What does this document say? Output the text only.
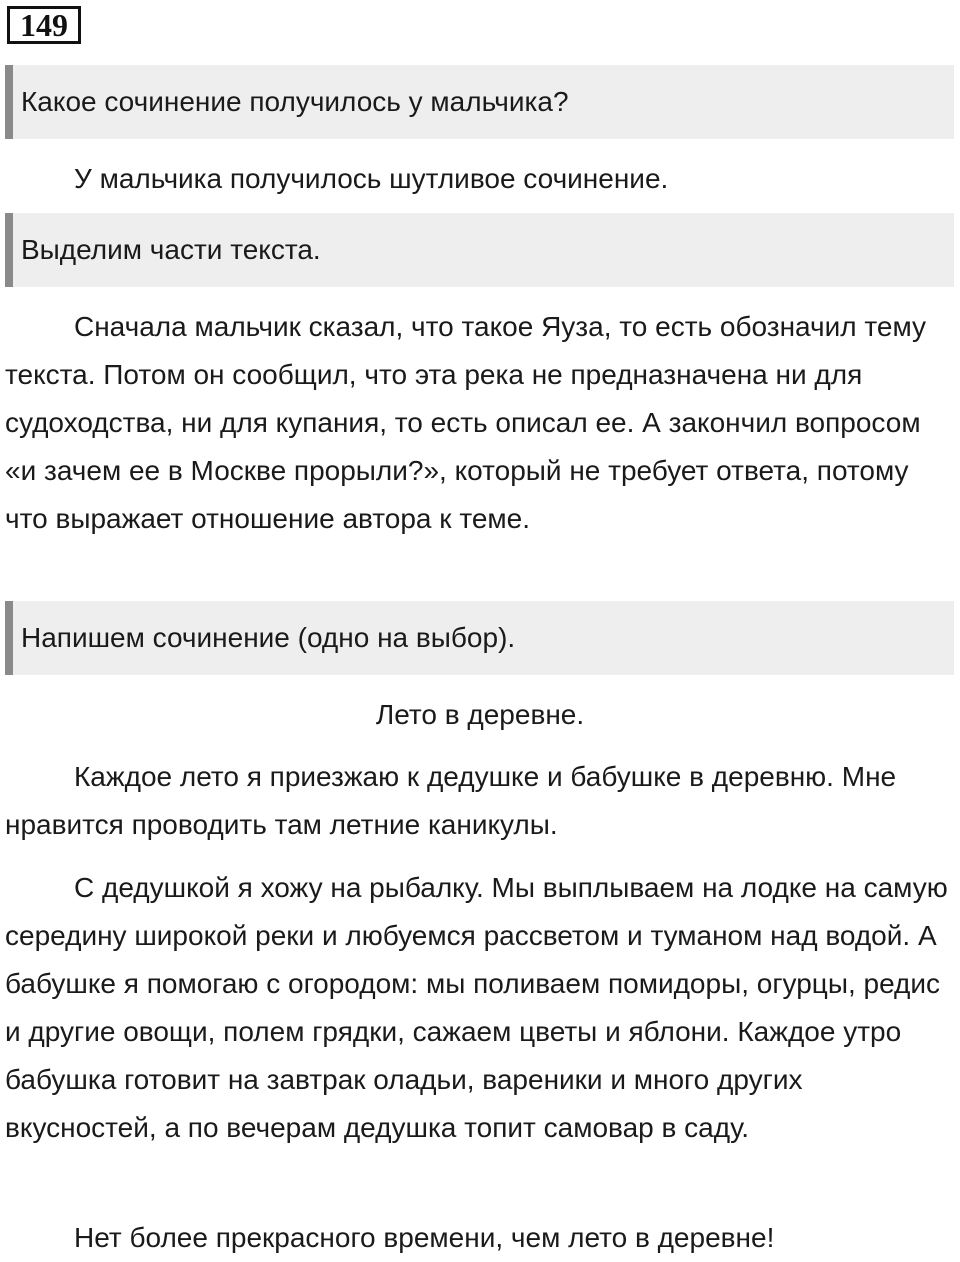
149
Какое сочинение получилось у мальчика?

У мальчика получилось шутливое сочинение.

Выделим части текста.

Сначала мальчик сказал, что такое Яуза, то есть обозначил тему текста. Потом он сообщил, что эта река не предназначена ни для судоходства, ни для купания, то есть описал ее. А закончил вопросом «и зачем ее в Москве прорыли?», который не требует ответа, потому что выражает отношение автора к теме.

Напишем сочинение (одно на выбор).

Лето в деревне.

Каждое лето я приезжаю к дедушке и бабушке в деревню. Мне нравится проводить там летние каникулы.

С дедушкой я хожу на рыбалку. Мы выплываем на лодке на самую середину широкой реки и любуемся рассветом и туманом над водой. А бабушке я помогаю с огородом: мы поливаем помидоры, огурцы, редис и другие овощи, полем грядки, сажаем цветы и яблони. Каждое утро бабушка готовит на завтрак оладьи, вареники и много других вкусностей, а по вечерам дедушка топит самовар в саду.

Нет более прекрасного времени, чем лето в деревне!
